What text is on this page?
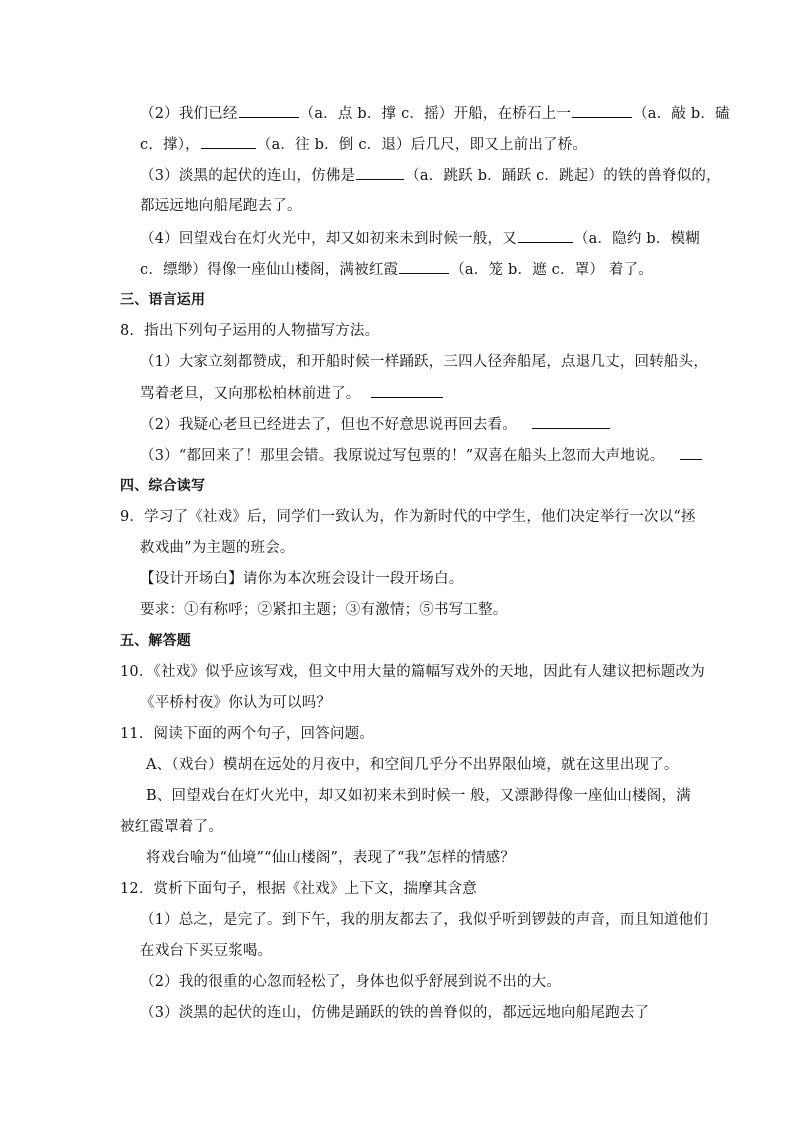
（2）我们已经	（a．点 b．撑 c．摇）开船，在桥石上一	（a．敲 b．磕
c．撑），	（a．往 b．倒 c．退）后几尺，即又上前出了桥。
（3）淡黑的起伏的连山，仿佛是	（a．跳跃 b．踊跃 c．跳起）的铁的兽脊似的，
都远远地向船尾跑去了。
（4）回望戏台在灯火光中，却又如初来未到时候一般，又	（a．隐约 b．模糊
c．缥缈）得像一座仙山楼阁，满被红霞	（a．笼 b．遮 c．罩） 着了。
三、语言运用
8．指出下列句子运用的人物描写方法。
（1）大家立刻都赞成，和开船时候一样踊跃，三四人径奔船尾，点退几丈，回转船头，
骂着老旦，又向那松柏林前进了。
（2）我疑心老旦已经进去了，但也不好意思说再回去看。
（3）“都回来了！那里会错。我原说过写包票的！”双喜在船头上忽而大声地说。
四、综合读写
9．学习了《社戏》后，同学们一致认为，作为新时代的中学生，他们决定举行一次以“拯
救戏曲”为主题的班会。
【设计开场白】请你为本次班会设计一段开场白。
要求：①有称呼；②紧扣主题；③有激情；⑤书写工整。
五、解答题
10．《社戏》似乎应该写戏，但文中用大量的篇幅写戏外的天地，因此有人建议把标题改为
《平桥村夜》你认为可以吗？
11．阅读下面的两个句子，回答问题。
A、（戏台）模胡在远处的月夜中，和空间几乎分不出界限仙境，就在这里出现了。
B、回望戏台在灯火光中，却又如初来未到时候一 般，又漂渺得像一座仙山楼阁，满
被红霞罩着了。
将戏台喻为“仙境”“仙山楼阁”，表现了“我”怎样的情感？
12．赏析下面句子，根据《社戏》上下文，揣摩其含意
（1）总之，是完了。到下午，我的朋友都去了，我似乎听到锣鼓的声音，而且知道他们
在戏台下买豆浆喝。
（2）我的很重的心忽而轻松了，身体也似乎舒展到说不出的大。
（3）淡黑的起伏的连山，仿佛是踊跃的铁的兽脊似的，都远远地向船尾跑去了
